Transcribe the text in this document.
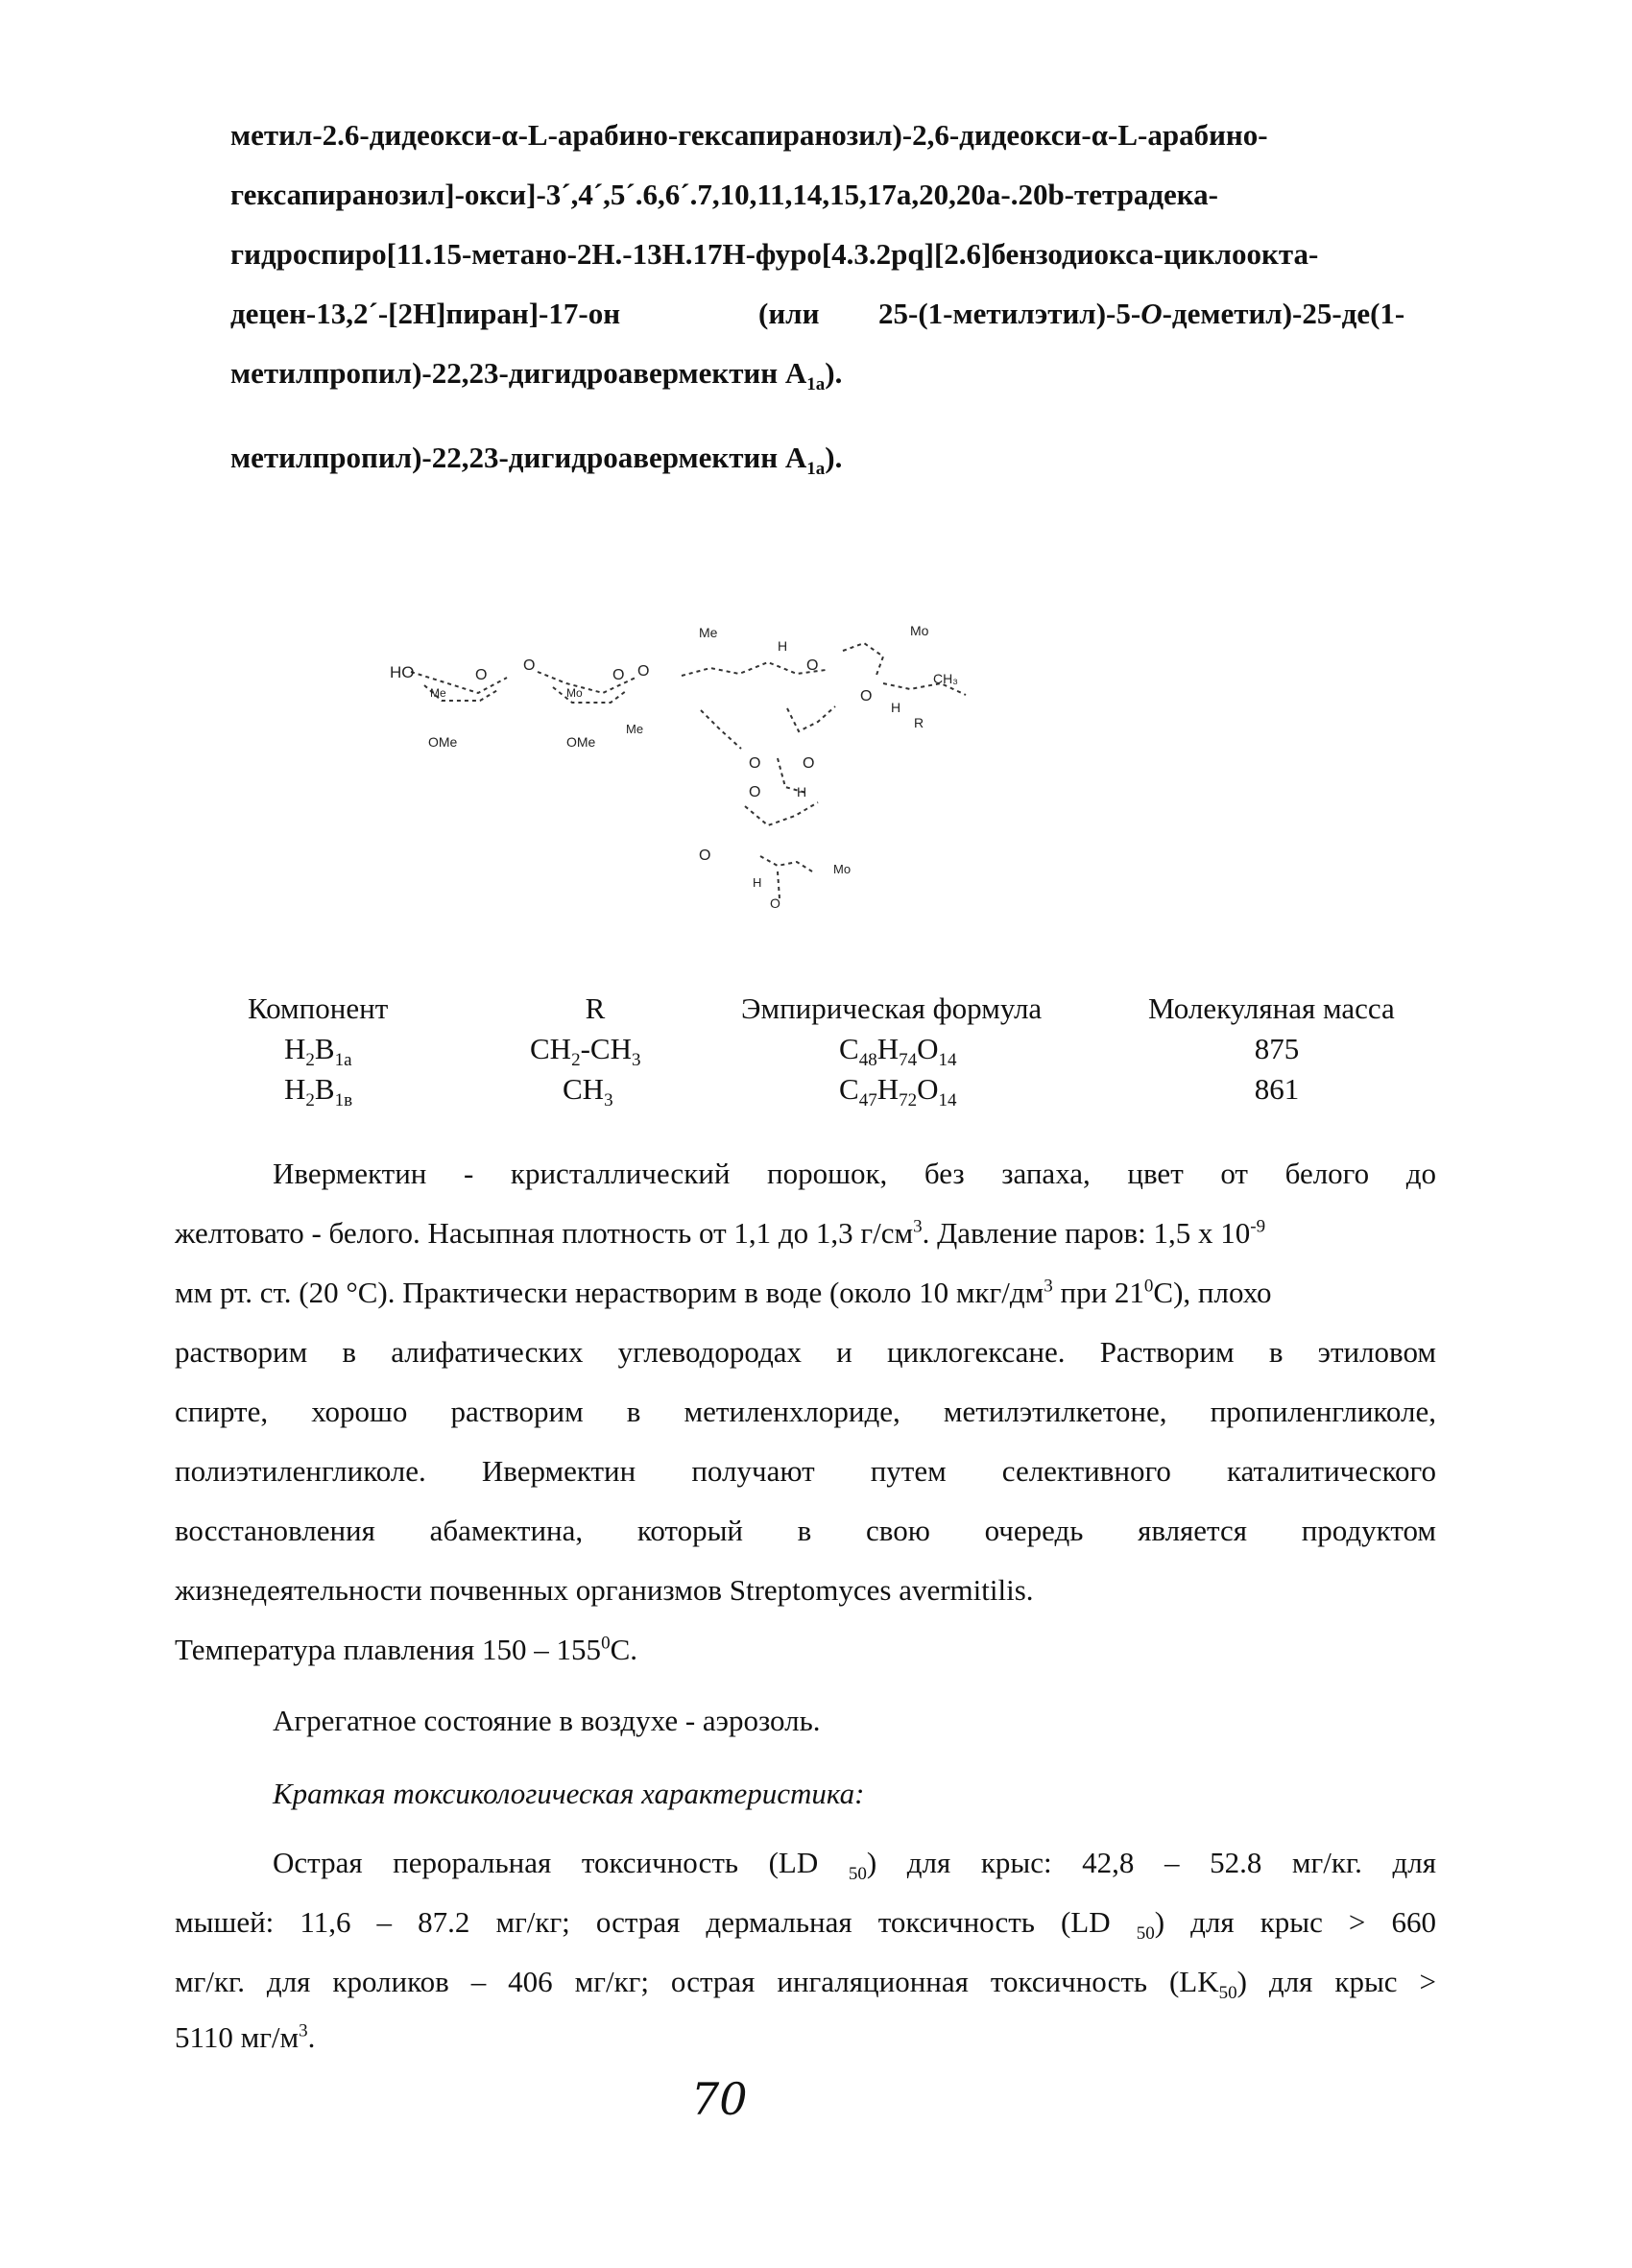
метил-2.6-дидеокси-α-L-арабино-гексапиранозил)-2,6-дидеокси-α-L-арабино-
гексапиранозил]-окси]-3´,4´,5´.6,6´.7,10,11,14,15,17a,20,20a-.20b-тетрадека-
гидроспиро[11.15-метано-2Н.-13Н.17Н-фуро[4.3.2pq][2.6]бензодиокса-циклоокта-
децен-13,2´-[2Н]пиран]-17-он	(или 25-(1-метилэтил)-5-O-деметил)-25-де(1-
метилпропил)-22,23-дигидроавермектин $A_{1а}$).
метилпропил)-22,23-дигидроавермектин $A_{1а}$).
HO	O
Me
OMe
O
Mo
O O
OMe
Me
Me
H
O
Mo
O
CH₃
H
R
O	O
O	H
O
H
Mo
O
Компонент	R	Эмпирическая формула	Молекуляная масса
$H_2B_{1а}$	$CH_2-CH_3$	$C_{48}H_{74}O_{14}$	875
$H_2B_{1в}$	$CH_3$	$C_{47}H_{72}O_{14}$	861
Ивермектин - кристаллический порошок, без запаха, цвет от белого до
желтовато - белого. Насыпная плотность от 1,1 до 1,3 $г/см^3$. Давление паров: 1,5 х $10^{-9}$
мм рт. ст. (20 °С). Практически нерастворим в воде (около 10 мкг/$дм^3$ при $21^0С$), плохо
растворим в алифатических углеводородах и циклогексане. Растворим в этиловом
спирте, хорошо растворим в метиленхлориде, метилэтилкетоне, пропиленгликоле,
полиэтиленгликоле. Ивермектин получают путем селективного каталитического
восстановления абамектина, который в свою очередь является продуктом
жизнедеятельности почвенных организмов Streptomyces avermitilis.
Температура плавления $150 - 155^0С$.
Агрегатное состояние в воздухе - аэрозоль.
Краткая токсикологическая характеристика:
Острая пероральная токсичность (LD $_{50}$) для крыс: 42,8 – 52.8 мг/кг. для
мышей: 11,6 – 87.2 мг/кг; острая дермальная токсичность (LD $_{50}$) для крыс > 660
мг/кг. для кроликов – 406 мг/кг; острая ингаляционная токсичность $(LK_{50})$ для крыс >
5110 $мг/м^3$.
70
